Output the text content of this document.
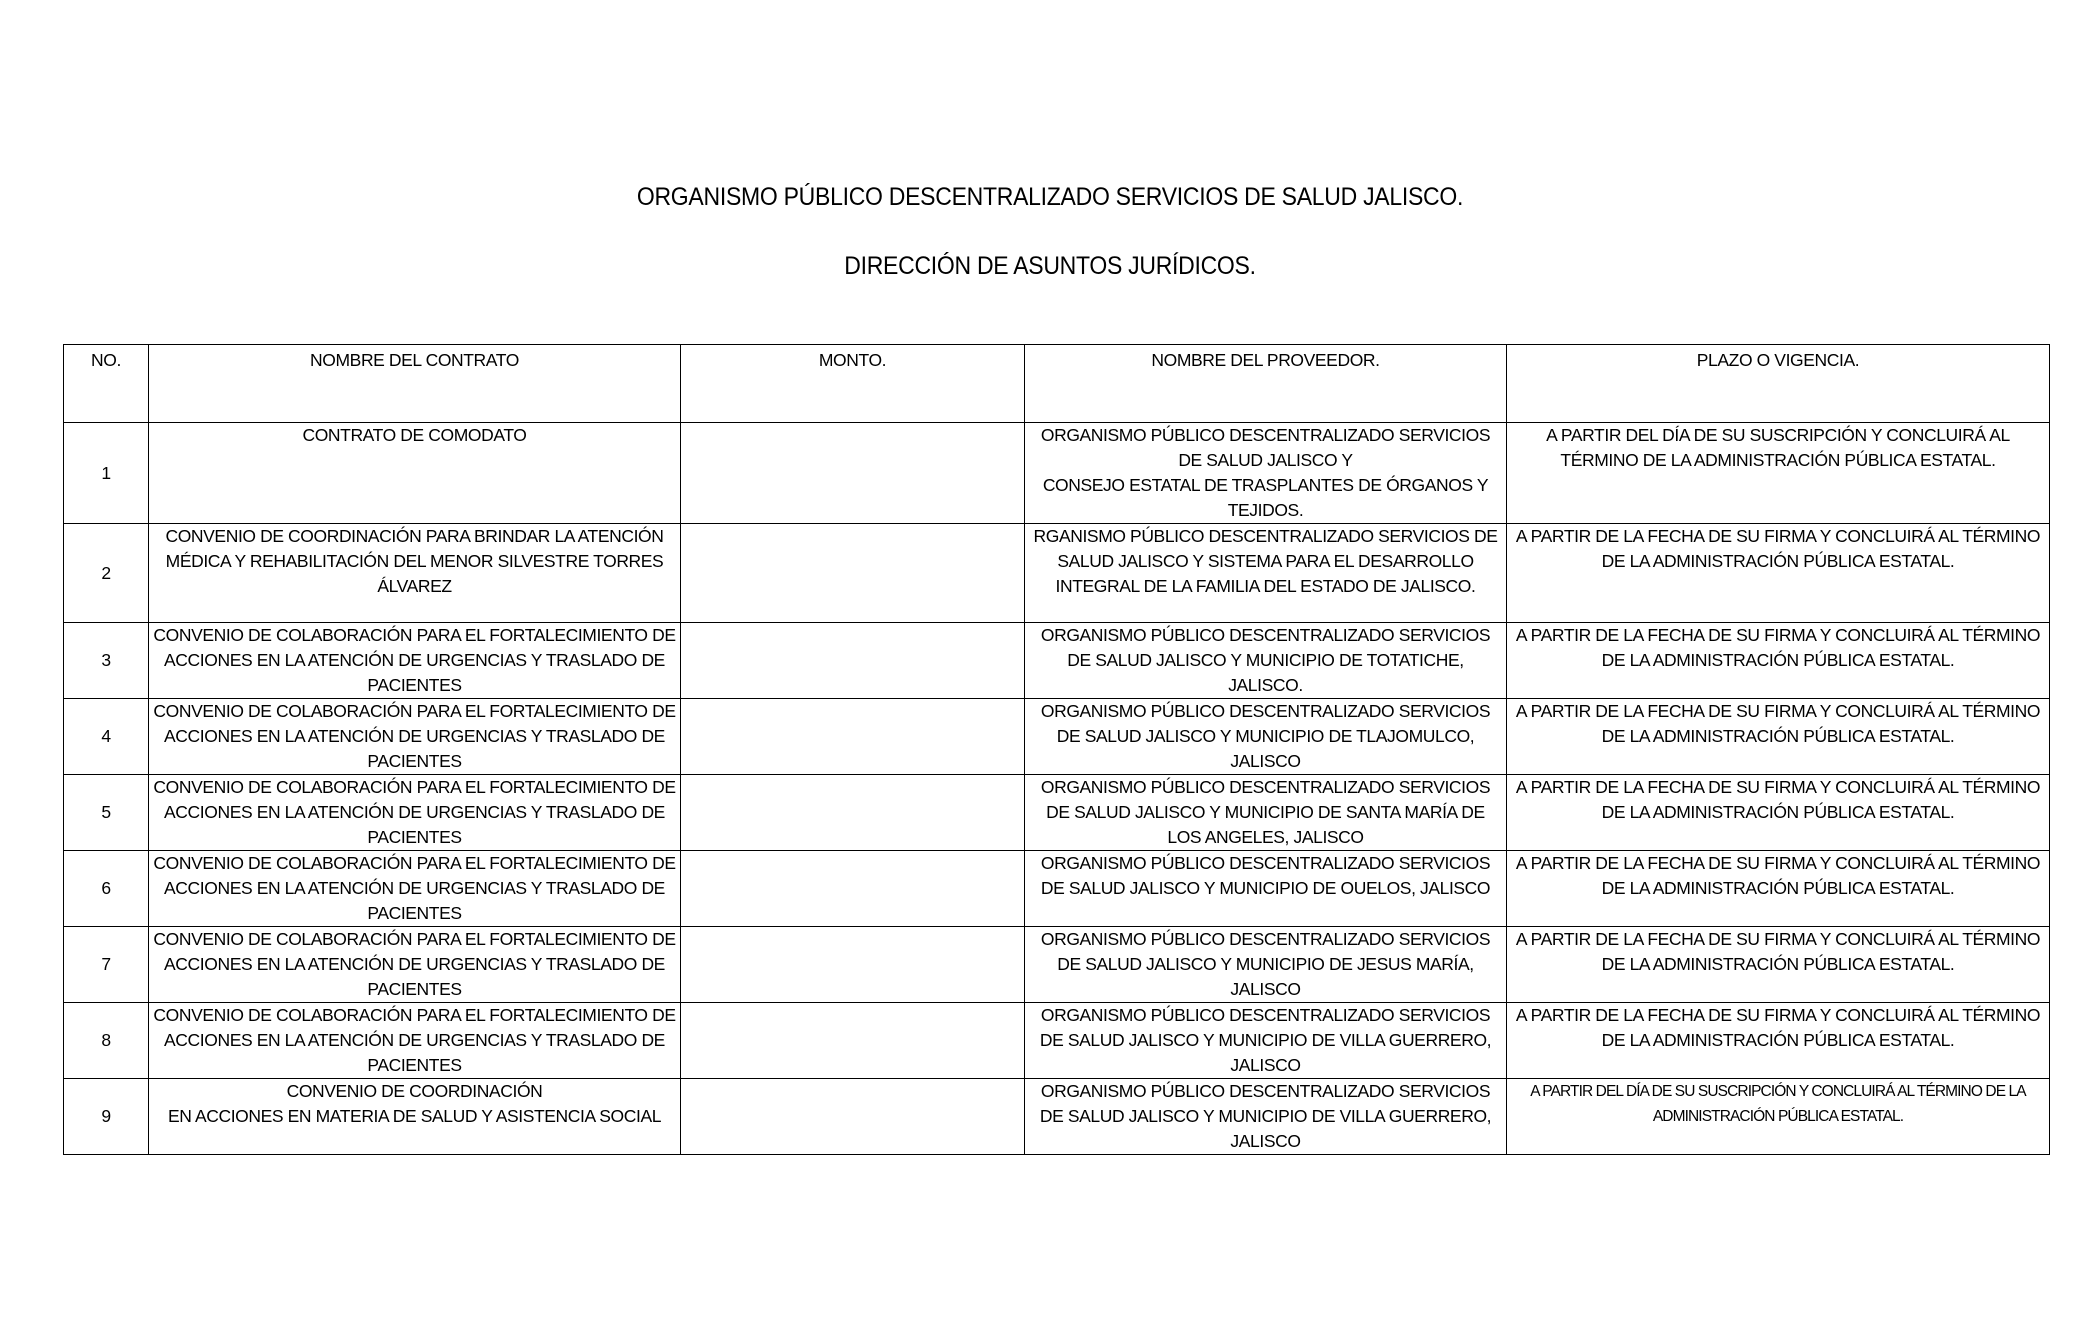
ORGANISMO PÚBLICO DESCENTRALIZADO SERVICIOS DE SALUD JALISCO.
DIRECCIÓN DE ASUNTOS JURÍDICOS.
NO.	NOMBRE DEL CONTRATO	MONTO.	NOMBRE DEL PROVEEDOR.	PLAZO O VIGENCIA.
1	CONTRATO DE COMODATO		ORGANISMO PÚBLICO DESCENTRALIZADO SERVICIOS DE SALUD JALISCO Y
CONSEJO ESTATAL DE TRASPLANTES DE ÓRGANOS Y TEJIDOS.	A PARTIR DEL DÍA DE SU SUSCRIPCIÓN Y CONCLUIRÁ AL TÉRMINO DE LA ADMINISTRACIÓN PÚBLICA ESTATAL.
2	CONVENIO DE COORDINACIÓN PARA BRINDAR LA ATENCIÓN MÉDICA Y REHABILITACIÓN DEL MENOR SILVESTRE TORRES ÁLVAREZ		RGANISMO PÚBLICO DESCENTRALIZADO SERVICIOS DE SALUD JALISCO Y SISTEMA PARA EL DESARROLLO INTEGRAL DE LA FAMILIA DEL ESTADO DE JALISCO.	A PARTIR DE LA FECHA DE SU FIRMA Y CONCLUIRÁ AL TÉRMINO DE LA ADMINISTRACIÓN PÚBLICA ESTATAL.
3	CONVENIO DE COLABORACIÓN PARA EL FORTALECIMIENTO DE ACCIONES EN LA ATENCIÓN DE URGENCIAS Y TRASLADO DE PACIENTES		ORGANISMO PÚBLICO DESCENTRALIZADO SERVICIOS DE SALUD JALISCO Y MUNICIPIO DE TOTATICHE, JALISCO.	A PARTIR DE LA FECHA DE SU FIRMA Y CONCLUIRÁ AL TÉRMINO DE LA ADMINISTRACIÓN PÚBLICA ESTATAL.
4	CONVENIO DE COLABORACIÓN PARA EL FORTALECIMIENTO DE ACCIONES EN LA ATENCIÓN DE URGENCIAS Y TRASLADO DE PACIENTES		ORGANISMO PÚBLICO DESCENTRALIZADO SERVICIOS DE SALUD JALISCO Y MUNICIPIO DE TLAJOMULCO, JALISCO	A PARTIR DE LA FECHA DE SU FIRMA Y CONCLUIRÁ AL TÉRMINO DE LA ADMINISTRACIÓN PÚBLICA ESTATAL.
5	CONVENIO DE COLABORACIÓN PARA EL FORTALECIMIENTO DE ACCIONES EN LA ATENCIÓN DE URGENCIAS Y TRASLADO DE PACIENTES		ORGANISMO PÚBLICO DESCENTRALIZADO SERVICIOS DE SALUD JALISCO Y MUNICIPIO DE SANTA MARÍA DE LOS ANGELES, JALISCO	A PARTIR DE LA FECHA DE SU FIRMA Y CONCLUIRÁ AL TÉRMINO DE LA ADMINISTRACIÓN PÚBLICA ESTATAL.
6	CONVENIO DE COLABORACIÓN PARA EL FORTALECIMIENTO DE ACCIONES EN LA ATENCIÓN DE URGENCIAS Y TRASLADO DE PACIENTES		ORGANISMO PÚBLICO DESCENTRALIZADO SERVICIOS DE SALUD JALISCO Y MUNICIPIO DE OUELOS, JALISCO	A PARTIR DE LA FECHA DE SU FIRMA Y CONCLUIRÁ AL TÉRMINO DE LA ADMINISTRACIÓN PÚBLICA ESTATAL.
7	CONVENIO DE COLABORACIÓN PARA EL FORTALECIMIENTO DE ACCIONES EN LA ATENCIÓN DE URGENCIAS Y TRASLADO DE PACIENTES		ORGANISMO PÚBLICO DESCENTRALIZADO SERVICIOS DE SALUD JALISCO Y MUNICIPIO DE JESUS MARÍA, JALISCO	A PARTIR DE LA FECHA DE SU FIRMA Y CONCLUIRÁ AL TÉRMINO DE LA ADMINISTRACIÓN PÚBLICA ESTATAL.
8	CONVENIO DE COLABORACIÓN PARA EL FORTALECIMIENTO DE ACCIONES EN LA ATENCIÓN DE URGENCIAS Y TRASLADO DE PACIENTES		ORGANISMO PÚBLICO DESCENTRALIZADO SERVICIOS DE SALUD JALISCO Y MUNICIPIO DE VILLA GUERRERO, JALISCO	A PARTIR DE LA FECHA DE SU FIRMA Y CONCLUIRÁ AL TÉRMINO DE LA ADMINISTRACIÓN PÚBLICA ESTATAL.
9	CONVENIO DE COORDINACIÓN
EN ACCIONES EN MATERIA DE SALUD Y ASISTENCIA SOCIAL		ORGANISMO PÚBLICO DESCENTRALIZADO SERVICIOS DE SALUD JALISCO Y MUNICIPIO DE VILLA GUERRERO, JALISCO	A PARTIR DEL DÍA DE SU SUSCRIPCIÓN Y CONCLUIRÁ AL TÉRMINO DE LA ADMINISTRACIÓN PÚBLICA ESTATAL.
